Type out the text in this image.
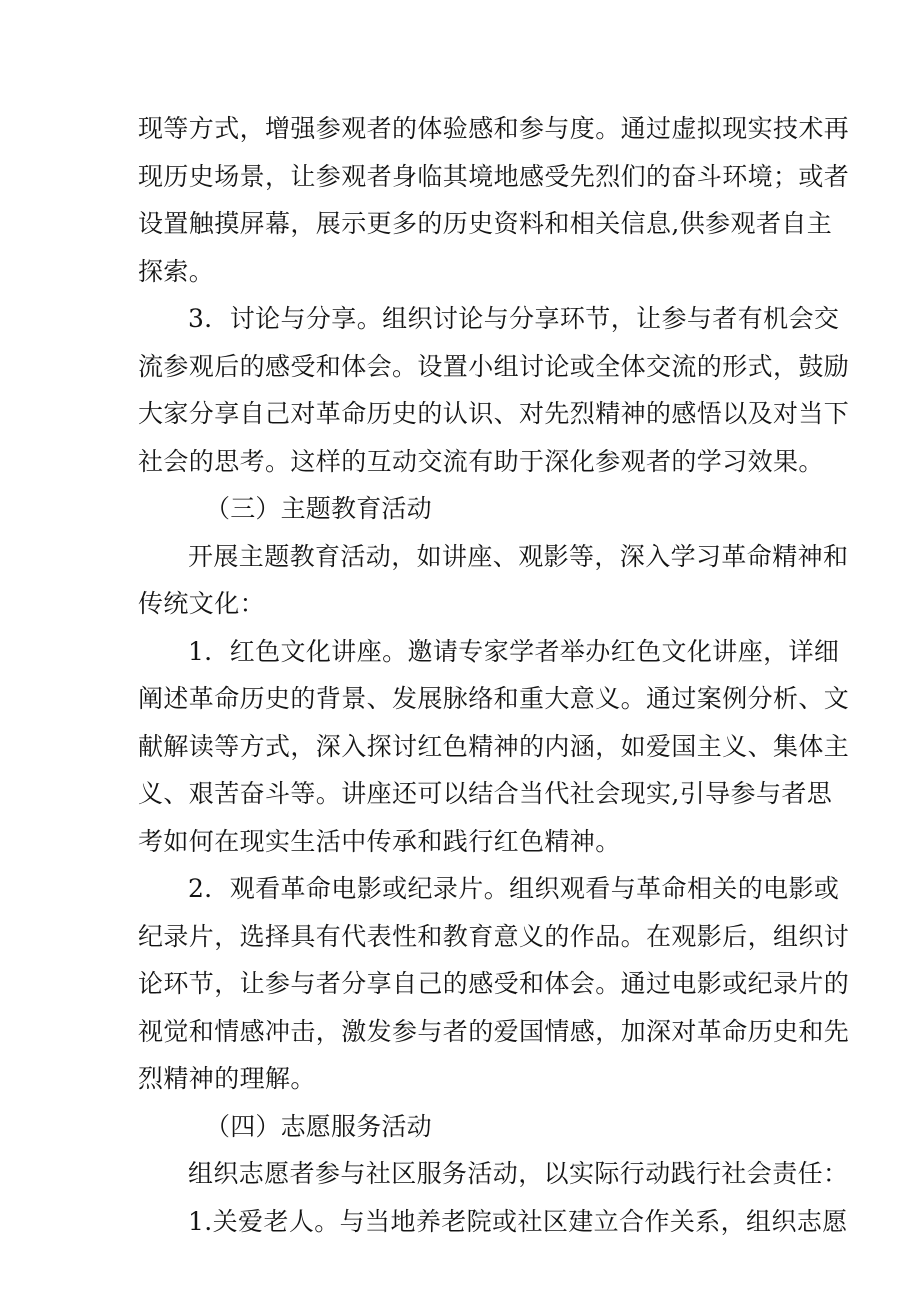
现等方式，增强参观者的体验感和参与度。通过虚拟现实技术再
现历史场景，让参观者身临其境地感受先烈们的奋斗环境；或者
设置触摸屏幕，展示更多的历史资料和相关信息,供参观者自主
探索。
3．讨论与分享。组织讨论与分享环节，让参与者有机会交
流参观后的感受和体会。设置小组讨论或全体交流的形式，鼓励
大家分享自己对革命历史的认识、对先烈精神的感悟以及对当下
社会的思考。这样的互动交流有助于深化参观者的学习效果。
（三）主题教育活动
开展主题教育活动，如讲座、观影等，深入学习革命精神和
传统文化：
1．红色文化讲座。邀请专家学者举办红色文化讲座，详细
阐述革命历史的背景、发展脉络和重大意义。通过案例分析、文
献解读等方式，深入探讨红色精神的内涵，如爱国主义、集体主
义、艰苦奋斗等。讲座还可以结合当代社会现实,引导参与者思
考如何在现实生活中传承和践行红色精神。
2．观看革命电影或纪录片。组织观看与革命相关的电影或
纪录片，选择具有代表性和教育意义的作品。在观影后，组织讨
论环节，让参与者分享自己的感受和体会。通过电影或纪录片的
视觉和情感冲击，激发参与者的爱国情感，加深对革命历史和先
烈精神的理解。
（四）志愿服务活动
组织志愿者参与社区服务活动，以实际行动践行社会责任：
1.关爱老人。与当地养老院或社区建立合作关系，组织志愿
